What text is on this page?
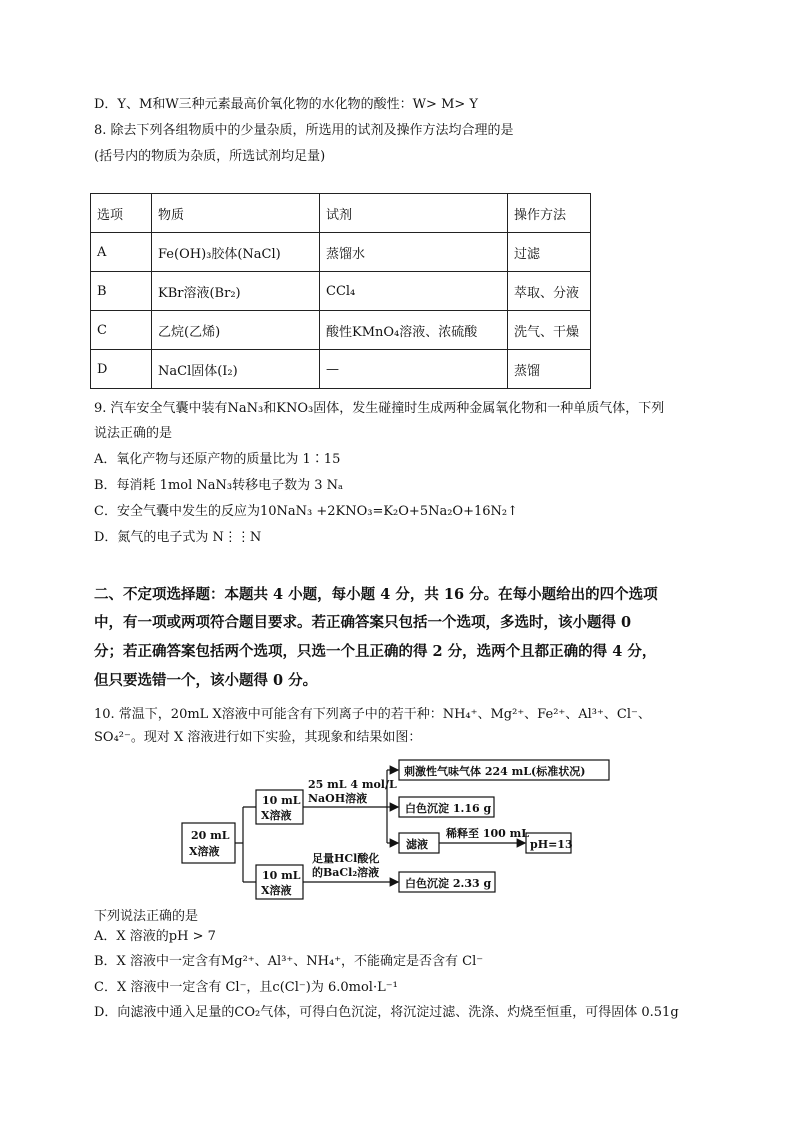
D．Y、M和W三种元素最高价氧化物的水化物的酸性：W> M> Y
8. 除去下列各组物质中的少量杂质，所选用的试剂及操作方法均合理的是
(括号内的物质为杂质，所选试剂均足量)
选项	物质	试剂	操作方法
A	Fe(OH)₃胶体(NaCl)	蒸馏水	过滤
B	KBr溶液(Br₂)	CCl₄	萃取、分液
C	乙烷(乙烯)	酸性KMnO₄溶液、浓硫酸	洗气、干燥
D	NaCl固体(I₂)	—	蒸馏
9. 汽车安全气囊中装有NaN₃和KNO₃固体，发生碰撞时生成两种金属氧化物和一种单质气体，下列
说法正确的是
A．氧化产物与还原产物的质量比为 1∶15
B．每消耗 1mol NaN₃转移电子数为 3 Nₐ
C．安全气囊中发生的反应为10NaN₃ +2KNO₃=K₂O+5Na₂O+16N₂↑
D．氮气的电子式为 N⋮⋮N
二、不定项选择题：本题共 4 小题，每小题 4 分，共 16 分。在每小题给出的四个选项
中，有一项或两项符合题目要求。若正确答案只包括一个选项，多选时，该小题得 0
分；若正确答案包括两个选项，只选一个且正确的得 2 分，选两个且都正确的得 4 分，
但只要选错一个，该小题得 0 分。
10. 常温下，20mL X溶液中可能含有下列离子中的若干种：NH₄⁺、Mg²⁺、Fe²⁺、Al³⁺、Cl⁻、
SO₄²⁻。现对 X 溶液进行如下实验，其现象和结果如图：
20 mL
X溶液
10 mL
X溶液
10 mL
X溶液
25 mL 4 mol/L
NaOH溶液
足量HCl酸化
的BaCl₂溶液
刺激性气味气体 224 mL(标准状况)
白色沉淀 1.16 g
滤液
稀释至 100 mL
pH=13
白色沉淀 2.33 g
下列说法正确的是
A．X 溶液的pH > 7
B．X 溶液中一定含有Mg²⁺、Al³⁺、NH₄⁺，不能确定是否含有 Cl⁻
C．X 溶液中一定含有 Cl⁻，且c(Cl⁻)为 6.0mol·L⁻¹
D．向滤液中通入足量的CO₂气体，可得白色沉淀，将沉淀过滤、洗涤、灼烧至恒重，可得固体 0.51g
